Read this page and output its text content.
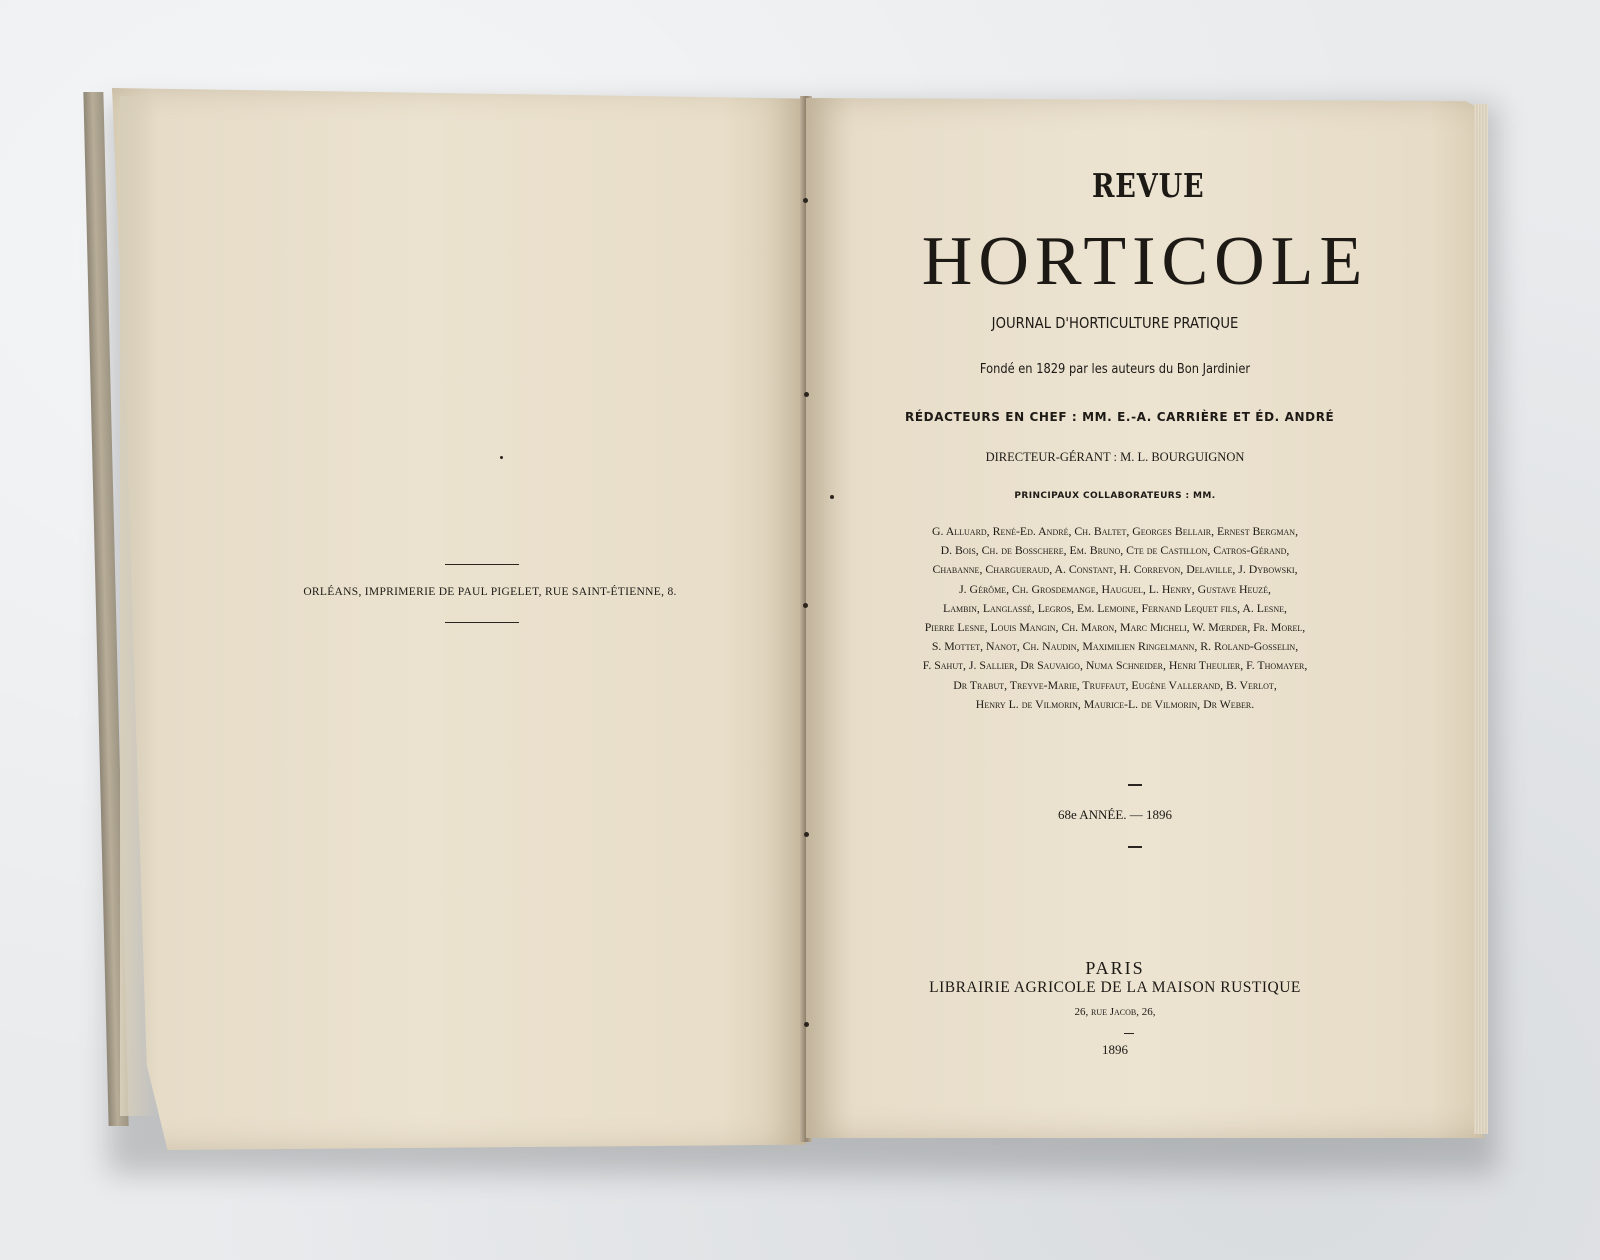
ORLÉANS, IMPRIMERIE DE PAUL PIGELET, RUE SAINT-ÉTIENNE, 8.
REVUE
HORTICOLE
JOURNAL D'HORTICULTURE PRATIQUE
Fondé en 1829 par les auteurs du Bon Jardinier
RÉDACTEURS EN CHEF : MM. E.-A. CARRIÈRE ET ÉD. ANDRÉ
DIRECTEUR-GÉRANT : M. L. BOURGUIGNON
PRINCIPAUX COLLABORATEURS : MM.
G. Alluard, René-Ed. André, Ch. Baltet, Georges Bellair, Ernest Bergman,
D. Bois, Ch. de Bosschere, Em. Bruno, Cte de Castillon, Catros-Gérand,
Chabanne, Chargueraud, A. Constant, H. Correvon, Delaville, J. Dybowski,
J. Gérôme, Ch. Grosdemange, Hauguel, L. Henry, Gustave Heuzé,
Lambin, Langlassé, Legros, Em. Lemoine, Fernand Lequet fils, A. Lesne,
Pierre Lesne, Louis Mangin, Ch. Maron, Marc Micheli, W. Mœrder, Fr. Morel,
S. Mottet, Nanot, Ch. Naudin, Maximilien Ringelmann, R. Roland-Gosselin,
F. Sahut, J. Sallier, Dr Sauvaigo, Numa Schneider, Henri Theulier, F. Thomayer,
Dr Trabut, Treyve-Marie, Truffaut, Eugène Vallerand, B. Verlot,
Henry L. de Vilmorin, Maurice-L. de Vilmorin, Dr Weber.
68e ANNÉE. — 1896
PARIS
LIBRAIRIE AGRICOLE DE LA MAISON RUSTIQUE
26, rue Jacob, 26,
1896
